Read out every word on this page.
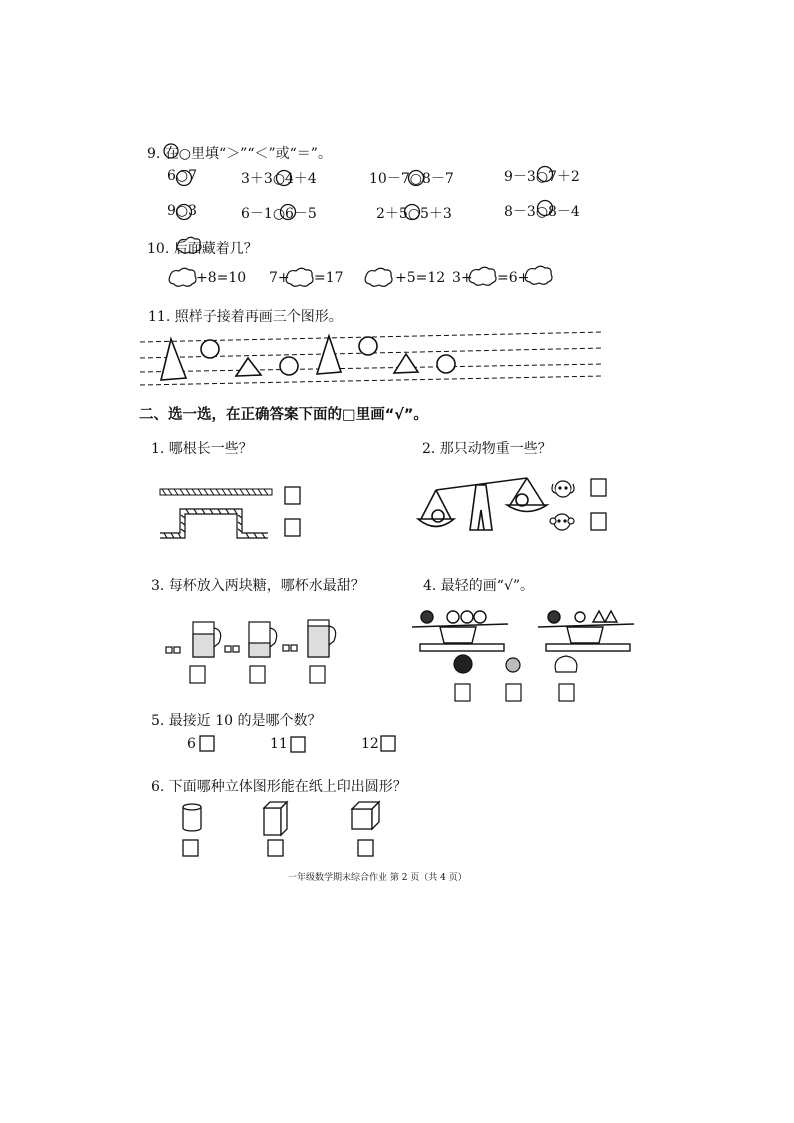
9. 在○里填“＞”“＜”或“＝”。
6○7	3＋3○4＋4	10－7○8－7	9－3○7＋2
9○3	6－1○6－5	2＋5○5＋3	8－3○8－4
10. 后面藏着几？
+8=10 7+ =17	+5=12 3+ =6+
11. 照样子接着再画三个图形。
二、选一选，在正确答案下面的□里画“√”。
1. 哪根长一些？	2. 那只动物重一些？
3. 每杯放入两块糖，哪杯水最甜？	4. 最轻的画“√”。
5. 最接近 10 的是哪个数？
6	11	12
6. 下面哪种立体图形能在纸上印出圆形？
一年级数学期末综合作业 第 2 页（共 4 页）
